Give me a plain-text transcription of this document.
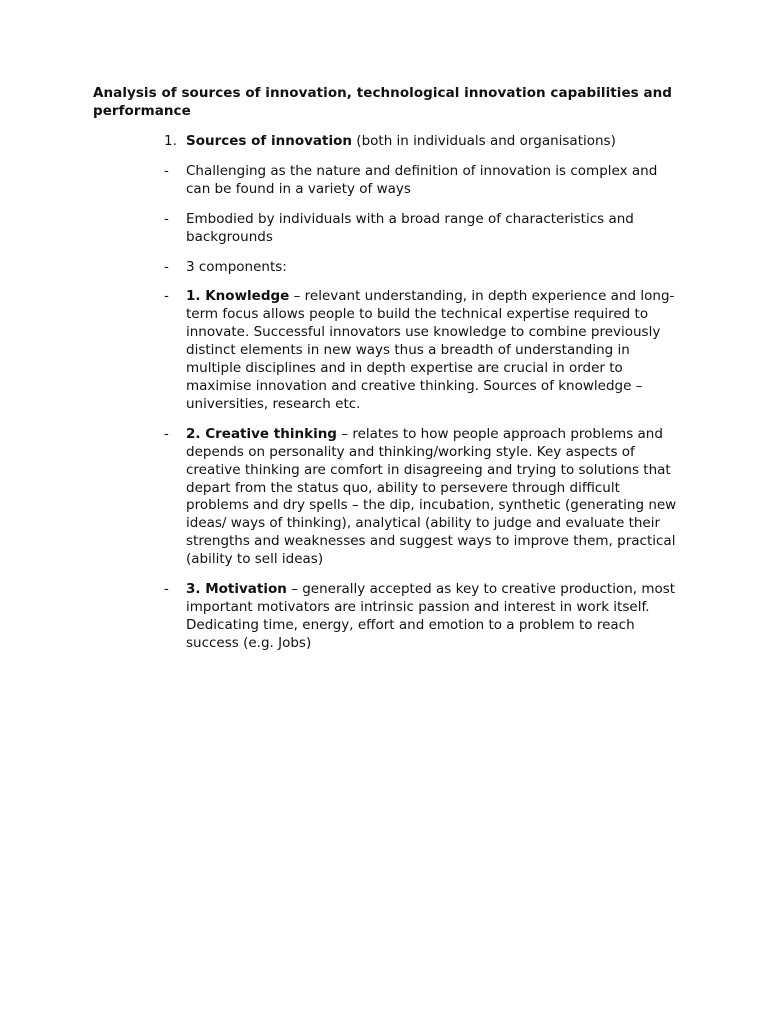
Analysis of sources of innovation, technological innovation capabilities and performance
1. Sources of innovation (both in individuals and organisations)
-	Challenging as the nature and definition of innovation is complex and can be found in a variety of ways
-	Embodied by individuals with a broad range of characteristics and backgrounds
-	3 components:
-	1. Knowledge – relevant understanding, in depth experience and long-term focus allows people to build the technical expertise required to innovate. Successful innovators use knowledge to combine previously distinct elements in new ways thus a breadth of understanding in multiple disciplines and in depth expertise are crucial in order to maximise innovation and creative thinking. Sources of knowledge – universities, research etc.
-	2. Creative thinking – relates to how people approach problems and depends on personality and thinking/working style. Key aspects of creative thinking are comfort in disagreeing and trying to solutions that depart from the status quo, ability to persevere through difficult problems and dry spells – the dip, incubation, synthetic (generating new ideas/ ways of thinking), analytical (ability to judge and evaluate their strengths and weaknesses and suggest ways to improve them, practical (ability to sell ideas)
-	3. Motivation – generally accepted as key to creative production, most important motivators are intrinsic passion and interest in work itself. Dedicating time, energy, effort and emotion to a problem to reach success (e.g. Jobs)
